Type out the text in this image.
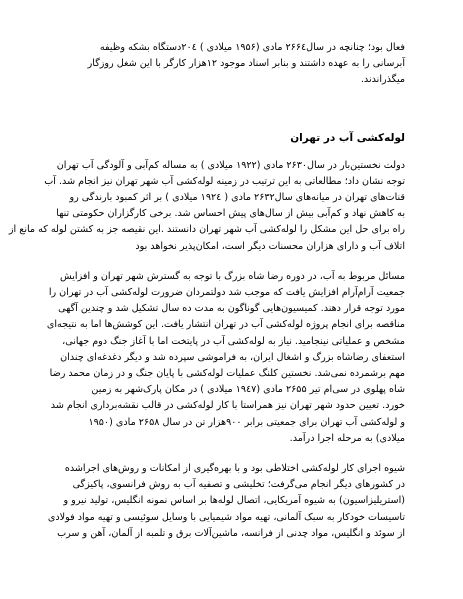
فعال بود؛ چنانچه در سال۲۶۶٤ مادی (۱۹۵۶ میلادی ) ۲۰٤دستگاه بشکه وظیفه
آبرسانی را به عهده داشتند و بنابر اسناد موجود ۱۲هزار کارگر با این شغل روزگار
میگذراندند.

لوله‌کشی آب در تهران

دولت نخستین‌بار در سال۲۶۳۰ مادی (۱۹۲۲ میلادی ) به مساله کم‌آبی و آلودگی آب تهران
توجه نشان داد؛ مطالعاتی به این ترتیب در زمینه لوله‌کشی آب شهر تهران نیز انجام شد. آب
قنات‌های تهران در میانه‌های سال۲۶۳۲ مادی ( ۱۹۲٤ میلادی ) بر اثر کمبود بارندگی رو
به کاهش نهاد و کم‌آبی بیش از سال‌های پیش احساس شد. برخی کارگزاران حکومتی تنها
راه برای حل این مشکل را لوله‌کشی آب شهر تهران دانستند .این نقیصه جز به کشتن لوله که مانع از
اتلاف آب و دارای هزاران محسنات دیگر است، امکان‌پذیر نخواهد بود

مسائل مربوط به آب، در دوره رضا شاه بزرگ با توجه به گسترش شهر تهران و افزایش
جمعیت آرام‌آرام افزایش یافت که موجب شد دولتمردان ضرورت لوله‌کشی آب در تهران را
مورد توجه قرار دهند. کمیسیون‌هایی گوناگون به مدت ده سال تشکیل شد و چندین آگهی
مناقصه برای انجام پروژه لوله‌کشی آب در تهران انتشار یافت. این کوشش‌ها اما به نتیجه‌ای
مشخص و عملیاتی نینجامید. نیاز به لوله‌کشی آب در پایتخت اما با آغاز جنگ دوم جهانی،
استعفای رضاشاه بزرگ و اشغال ایران، به فراموشی سپرده شد و دیگر دغدغه‌ای چندان
مهم برشمرده نمی‌شد. نخستین کلنگ عملیات لوله‌کشی با پایان جنگ و در زمان محمد رضا
شاه پهلوی در سی‌ام تیر ۲۶۵۵ مادی (۱۹٤۷ میلادی ) در مکان پارک‌شهر به زمین
خورد. تعیین حدود شهر تهران نیز همراستا با کار لوله‌کشی در قالب نقشه‌برداری انجام شد
و لوله‌کشی آب تهران برای جمعیتی برابر ۹۰۰هزار تن در سال ۲۶۵۸ مادی (۱۹۵۰
میلادی) به مرحله اجرا درآمد.

شیوه اجرای کار لوله‌کشی اختلاطی بود و با بهره‌گیری از امکانات و روش‌های اجراشده
در کشورهای دیگر انجام می‌گرفت؛ تخلیشی و تصفیه آب به روش فرانسوی، پاکیزگی
(استریلیزاسیون) به شیوه آمریکایی، اتصال لوله‌ها بر اساس نمونه انگلیس، تولید نیرو و
تاسیسات خودکار به سبک آلمانی، تهیه مواد شیمیایی با وسایل سوئیسی و تهیه مواد فولادی
از سوئد و انگلیس، مواد چدنی از فرانسه، ماشین‌آلات برق و تلمبه از آلمان، آهن و سرب
